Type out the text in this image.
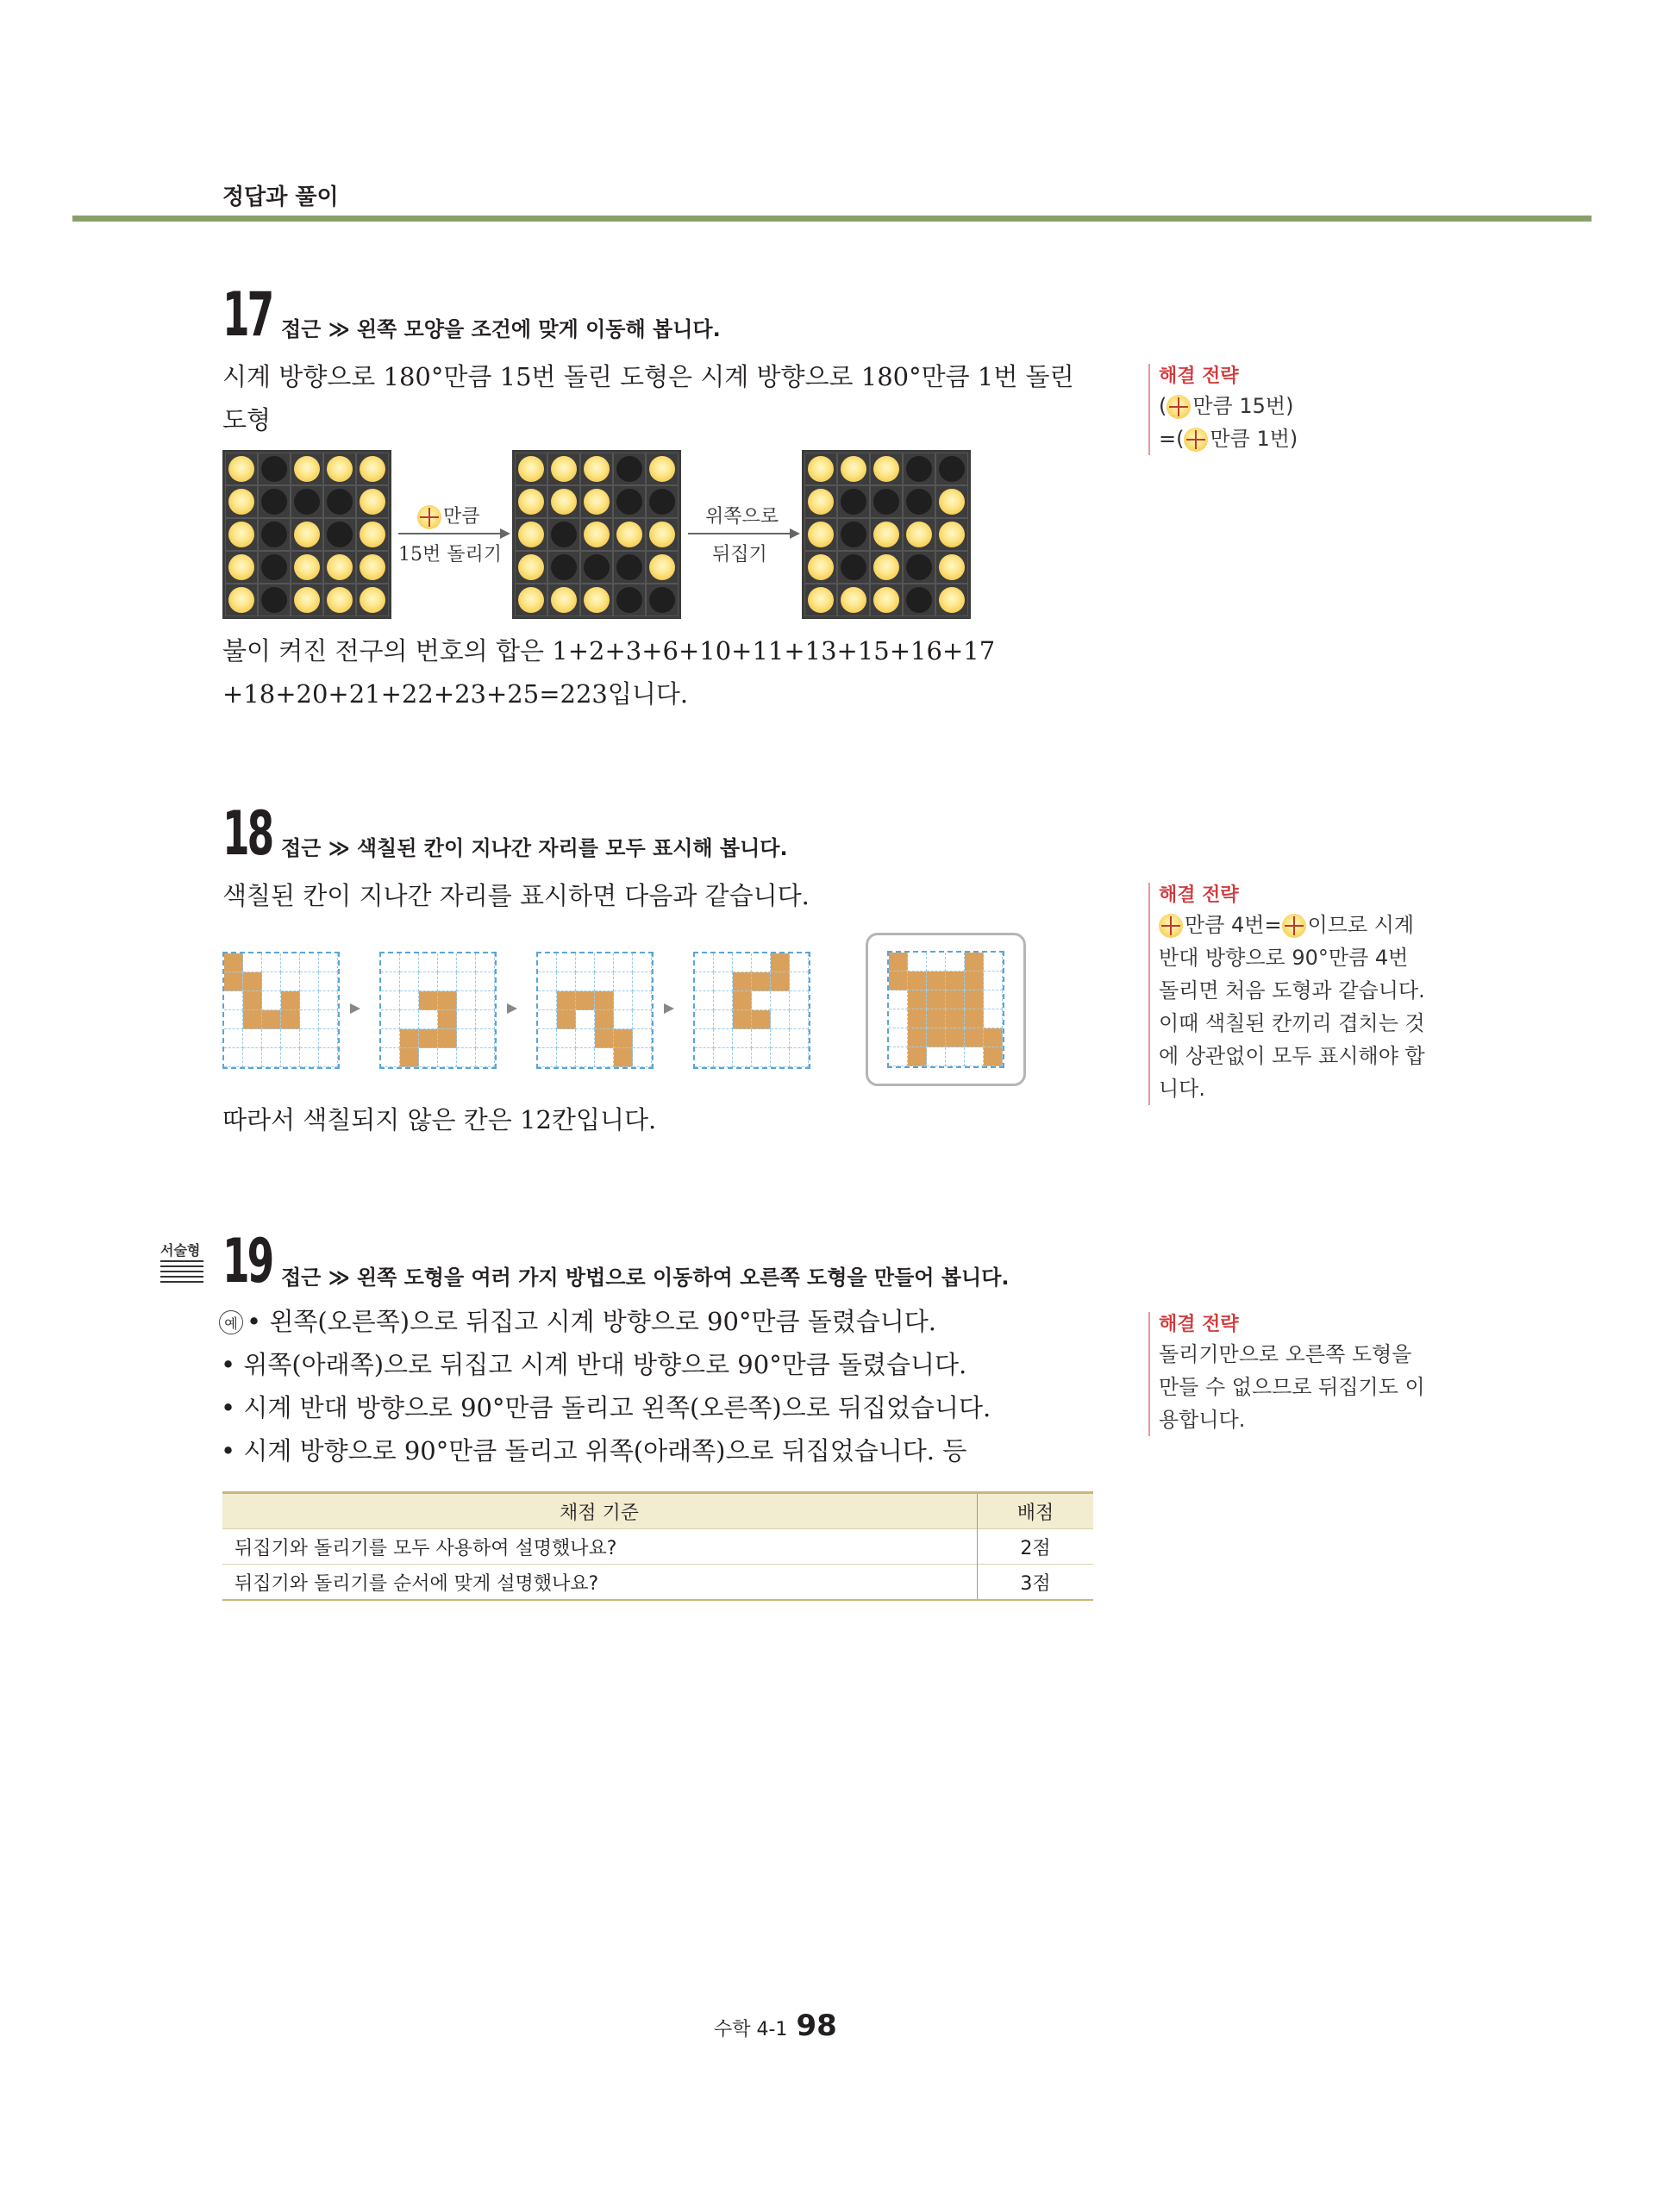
정답과 풀이
17 접근 ≫ 왼쪽 모양을 조건에 맞게 이동해 봅니다.
시계 방향으로 180°만큼 15번 돌린 도형은 시계 방향으로 180°만큼 1번 돌린 도형
만큼
15번 돌리기
위쪽으로
뒤집기
불이 켜진 전구의 번호의 합은 1+2+3+6+10+11+13+15+16+17
+18+20+21+22+23+25=223입니다.
해결 전략
( 만큼 15번)
=( 만큼 1번)
18 접근 ≫ 색칠된 칸이 지나간 자리를 모두 표시해 봅니다.
색칠된 칸이 지나간 자리를 표시하면 다음과 같습니다.
따라서 색칠되지 않은 칸은 12칸입니다.
해결 전략
만큼 4번= 이므로 시계 반대 방향으로 90°만큼 4번 돌리면 처음 도형과 같습니다. 이때 색칠된 칸끼리 겹치는 것에 상관없이 모두 표시해야 합니다.
서술형 19 접근 ≫ 왼쪽 도형을 여러 가지 방법으로 이동하여 오른쪽 도형을 만들어 봅니다.
예 • 왼쪽(오른쪽)으로 뒤집고 시계 방향으로 90°만큼 돌렸습니다.
• 위쪽(아래쪽)으로 뒤집고 시계 반대 방향으로 90°만큼 돌렸습니다.
• 시계 반대 방향으로 90°만큼 돌리고 왼쪽(오른쪽)으로 뒤집었습니다.
• 시계 방향으로 90°만큼 돌리고 위쪽(아래쪽)으로 뒤집었습니다. 등
채점 기준	배점
뒤집기와 돌리기를 모두 사용하여 설명했나요?	2점
뒤집기와 돌리기를 순서에 맞게 설명했나요?	3점
해결 전략
돌리기만으로 오른쪽 도형을 만들 수 없으므로 뒤집기도 이용합니다.
수학 4-1 98
